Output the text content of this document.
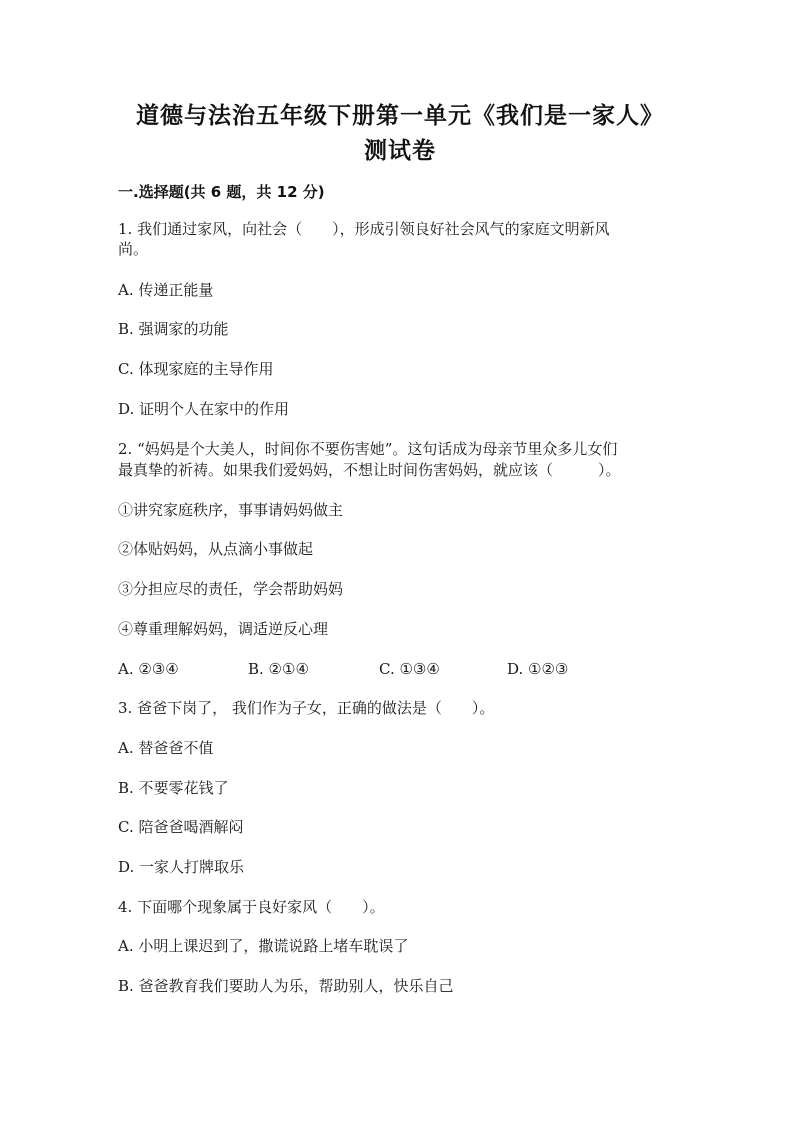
道德与法治五年级下册第一单元《我们是一家人》
测试卷
一.选择题(共 6 题，共 12 分)
1. 我们通过家风，向社会（　　），形成引领良好社会风气的家庭文明新风
尚。
A. 传递正能量
B. 强调家的功能
C. 体现家庭的主导作用
D. 证明个人在家中的作用
2. “妈妈是个大美人，时间你不要伤害她”。这句话成为母亲节里众多儿女们
最真挚的祈祷。如果我们爱妈妈，不想让时间伤害妈妈，就应该（　　　）。
①讲究家庭秩序，事事请妈妈做主
②体贴妈妈，从点滴小事做起
③分担应尽的责任，学会帮助妈妈
④尊重理解妈妈，调适逆反心理
A. ②③④	B. ②①④	C. ①③④	D. ①②③
3. 爸爸下岗了， 我们作为子女，正确的做法是（　　）。
A. 替爸爸不值
B. 不要零花钱了
C. 陪爸爸喝酒解闷
D. 一家人打牌取乐
4. 下面哪个现象属于良好家风（　　）。
A. 小明上课迟到了，撒谎说路上堵车耽误了
B. 爸爸教育我们要助人为乐，帮助别人，快乐自己
